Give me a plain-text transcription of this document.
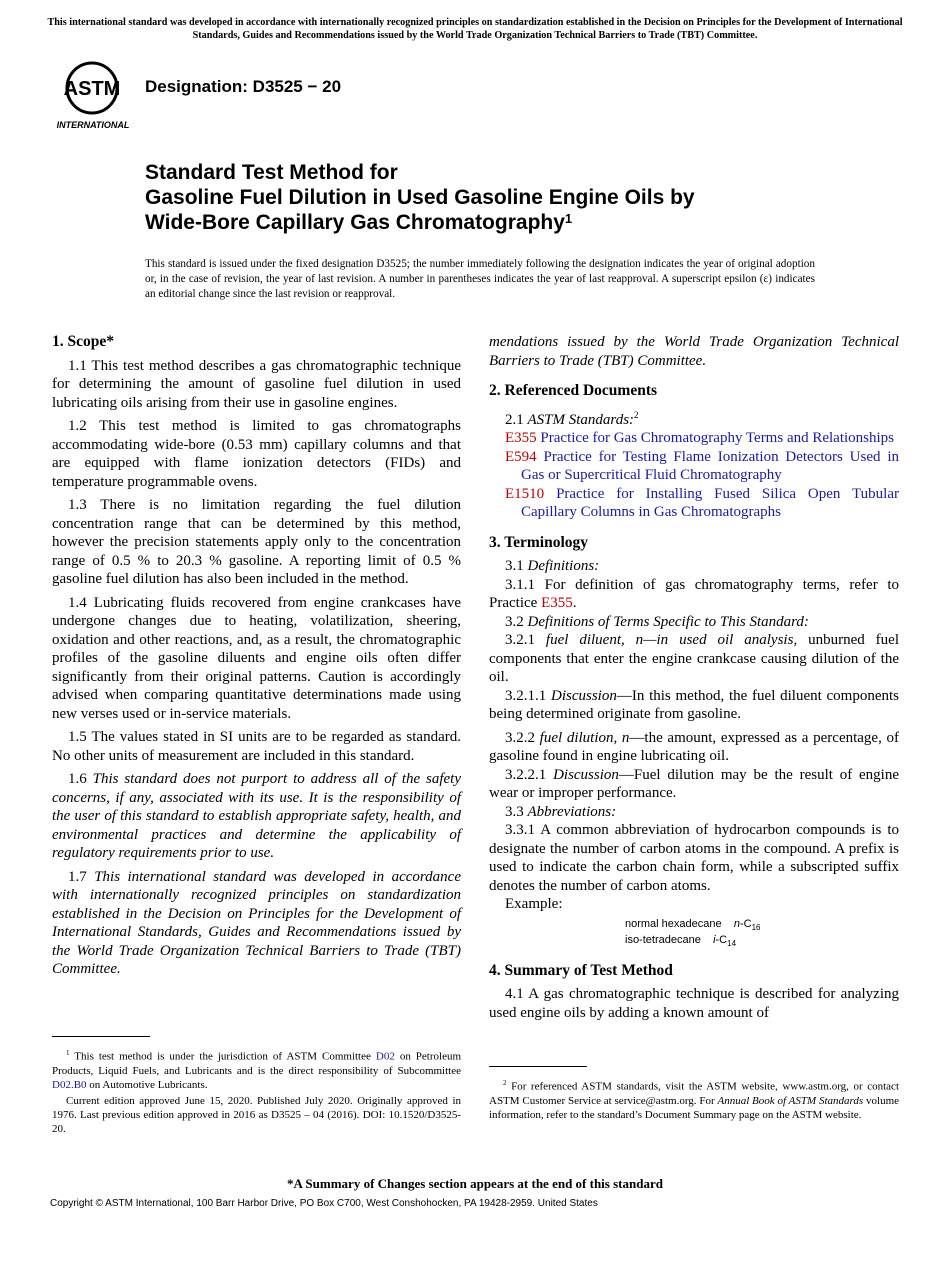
This international standard was developed in accordance with internationally recognized principles on standardization established in the Decision on Principles for the Development of International Standards, Guides and Recommendations issued by the World Trade Organization Technical Barriers to Trade (TBT) Committee.
ASTM
INTERNATIONAL
Designation: D3525 − 20
Standard Test Method for
Gasoline Fuel Dilution in Used Gasoline Engine Oils by
Wide-Bore Capillary Gas Chromatography$^1$
This standard is issued under the fixed designation D3525; the number immediately following the designation indicates the year of original adoption or, in the case of revision, the year of last revision. A number in parentheses indicates the year of last reapproval. A superscript epsilon (ε) indicates an editorial change since the last revision or reapproval.
1. Scope*

1.1 This test method describes a gas chromatographic technique for determining the amount of gasoline fuel dilution in used lubricating oils arising from their use in gasoline engines.

1.2 This test method is limited to gas chromatographs accommodating wide-bore (0.53 mm) capillary columns and that are equipped with flame ionization detectors (FIDs) and temperature programmable ovens.

1.3 There is no limitation regarding the fuel dilution concentration range that can be determined by this method, however the precision statements apply only to the concentration range of 0.5 % to 20.3 % gasoline. A reporting limit of 0.5 % gasoline fuel dilution has also been included in the method.

1.4 Lubricating fluids recovered from engine crankcases have undergone changes due to heating, volatilization, sheering, oxidation and other reactions, and, as a result, the chromatographic profiles of the gasoline diluents and engine oils often differ significantly from their original patterns. Caution is accordingly advised when comparing quantitative determinations made using new verses used or in-service materials.

1.5 The values stated in SI units are to be regarded as standard. No other units of measurement are included in this standard.

1.6 This standard does not purport to address all of the safety concerns, if any, associated with its use. It is the responsibility of the user of this standard to establish appropriate safety, health, and environmental practices and determine the applicability of regulatory requirements prior to use.

1.7 This international standard was developed in accordance with internationally recognized principles on standardization established in the Decision on Principles for the Development of International Standards, Guides and Recommendations issued by the World Trade Organization Technical Barriers to Trade (TBT) Committee.

$^1$ This test method is under the jurisdiction of ASTM Committee D02 on Petroleum Products, Liquid Fuels, and Lubricants and is the direct responsibility of Subcommittee D02.B0 on Automotive Lubricants.

Current edition approved June 15, 2020. Published July 2020. Originally approved in 1976. Last previous edition approved in 2016 as D3525 – 04 (2016). DOI: 10.1520/D3525-20.

mendations issued by the World Trade Organization Technical Barriers to Trade (TBT) Committee.

2. Referenced Documents

2.1 ASTM Standards:$^2$

E355 Practice for Gas Chromatography Terms and Relationships

E594 Practice for Testing Flame Ionization Detectors Used in Gas or Supercritical Fluid Chromatography

E1510 Practice for Installing Fused Silica Open Tubular Capillary Columns in Gas Chromatographs

3. Terminology

3.1 Definitions:

3.1.1 For definition of gas chromatography terms, refer to Practice E355.

3.2 Definitions of Terms Specific to This Standard:

3.2.1 fuel diluent, n—in used oil analysis, unburned fuel components that enter the engine crankcase causing dilution of the oil.

3.2.1.1 Discussion—In this method, the fuel diluent components being determined originate from gasoline.

3.2.2 fuel dilution, n—the amount, expressed as a percentage, of gasoline found in engine lubricating oil.

3.2.2.1 Discussion—Fuel dilution may be the result of engine wear or improper performance.

3.3 Abbreviations:

3.3.1 A common abbreviation of hydrocarbon compounds is to designate the number of carbon atoms in the compound. A prefix is used to indicate the carbon chain form, while a subscripted suffix denotes the number of carbon atoms.

Example:

normal hexadecane $n-C_{16}$
iso-tetradecane $i-C_{14}$
4. Summary of Test Method

4.1 A gas chromatographic technique is described for analyzing used engine oils by adding a known amount of

$^2$ For referenced ASTM standards, visit the ASTM website, www.astm.org, or contact ASTM Customer Service at service@astm.org. For Annual Book of ASTM Standards volume information, refer to the standard’s Document Summary page on the ASTM website.

*A Summary of Changes section appears at the end of this standard
Copyright © ASTM International, 100 Barr Harbor Drive, PO Box C700, West Conshohocken, PA 19428-2959. United States
